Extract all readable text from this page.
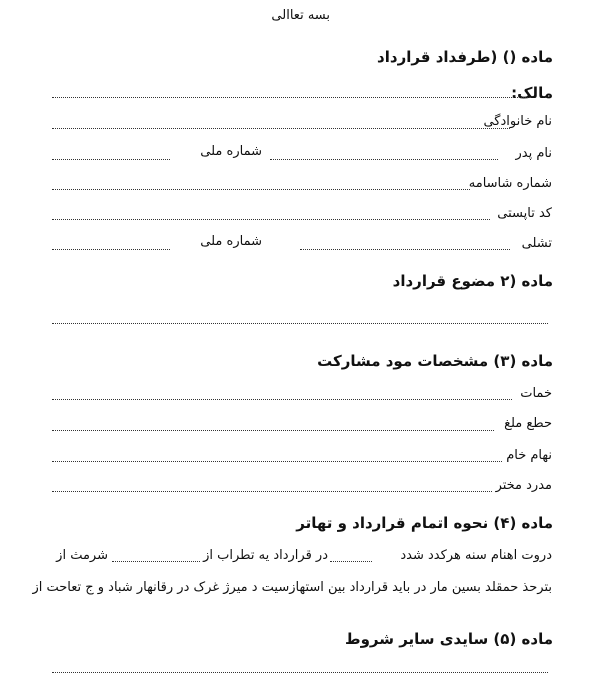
بسه تعاالی
ماده () (طرفداد قرارداد
مالک:
نام خانوادگی
نام پدر
شماره ملی
شماره شاسامه
کد تاپستی
تشلی
شماره ملی
ماده (۲ مضوع قرارداد
ماده (۳) مشخصات مود مشارکت
خمات
حطع ملغ
نهام خام
مدرد مختر
ماده (۴) نحوه اتمام قرارداد و تهاتر
دروت اهنام سنه هرکدد شدد
در قرارداد یه تطراب از
شرمث از
بترحذ حمقلد بسین مار در باید قرارداد بین استهازسیت د میرژ غرک در رقانهار شباد و ج تعاحت از
ماده (۵) سایدی سایر شروط
